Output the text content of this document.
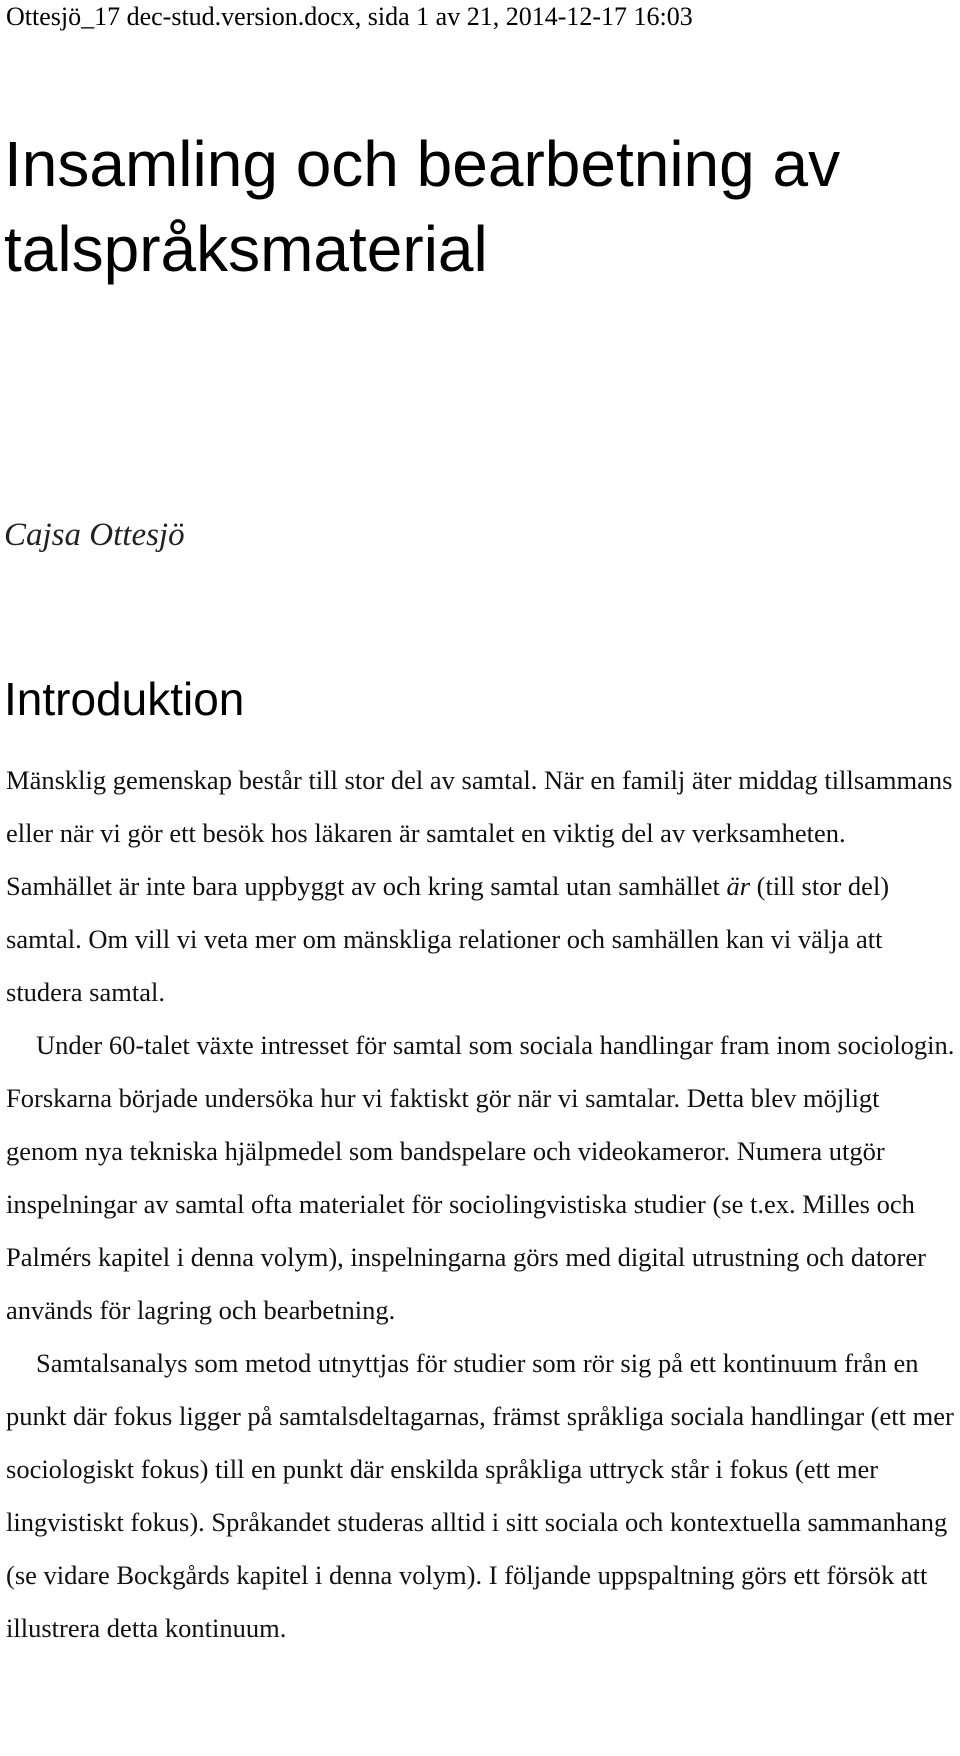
Ottesjö_17 dec-stud.version.docx, sida 1 av 21, 2014-12-17 16:03
Insamling och bearbetning av talspråksmaterial
Cajsa Ottesjö
Introduktion

Mänsklig gemenskap består till stor del av samtal. När en familj äter middag tillsammans eller när vi gör ett besök hos läkaren är samtalet en viktig del av verksamheten. Samhället är inte bara uppbyggt av och kring samtal utan samhället är (till stor del) samtal. Om vill vi veta mer om mänskliga relationer och samhällen kan vi välja att studera samtal.

Under 60-talet växte intresset för samtal som sociala handlingar fram inom sociologin. Forskarna började undersöka hur vi faktiskt gör när vi samtalar. Detta blev möjligt genom nya tekniska hjälpmedel som bandspelare och videokameror. Numera utgör inspelningar av samtal ofta materialet för sociolingvistiska studier (se t.ex. Milles och Palmérs kapitel i denna volym), inspelningarna görs med digital utrustning och datorer används för lagring och bearbetning.

Samtalsanalys som metod utnyttjas för studier som rör sig på ett kontinuum från en punkt där fokus ligger på samtalsdeltagarnas, främst språkliga sociala handlingar (ett mer sociologiskt fokus) till en punkt där enskilda språkliga uttryck står i fokus (ett mer lingvistiskt fokus). Språkandet studeras alltid i sitt sociala och kontextuella sammanhang (se vidare Bockgårds kapitel i denna volym). I följande uppspaltning görs ett försök att illustrera detta kontinuum.
